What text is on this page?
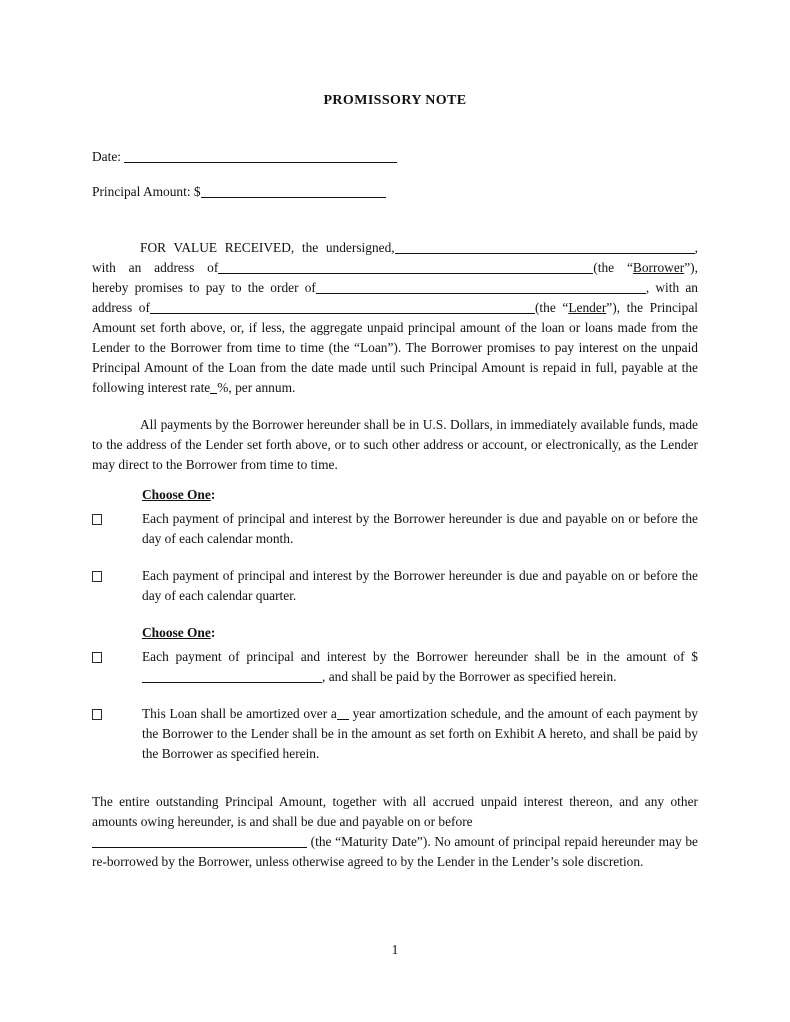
PROMISSORY NOTE
Date:
Principal Amount: $
FOR VALUE RECEIVED, the undersigned,	, with an address of	(the “Borrower”), hereby promises to pay to the order of	, with an address of	(the “Lender”), the Principal Amount set forth above, or, if less, the aggregate unpaid principal amount of the loan or loans made from the Lender to the Borrower from time to time (the “Loan”). The Borrower promises to pay interest on the unpaid Principal Amount of the Loan from the date made until such Principal Amount is repaid in full, payable at the following interest rate %, per annum.
All payments by the Borrower hereunder shall be in U.S. Dollars, in immediately available funds, made to the address of the Lender set forth above, or to such other address or account, or electronically, as the Lender may direct to the Borrower from time to time.
Choose One:
Each payment of principal and interest by the Borrower hereunder is due and payable on or before the day of each calendar month.
Each payment of principal and interest by the Borrower hereunder is due and payable on or before the day of each calendar quarter.
Choose One:
Each payment of principal and interest by the Borrower hereunder shall be in the amount of $, and shall be paid by the Borrower as specified herein.
This Loan shall be amortized over a year amortization schedule, and the amount of each payment by the Borrower to the Lender shall be in the amount as set forth on Exhibit A hereto, and shall be paid by the Borrower as specified herein.
The entire outstanding Principal Amount, together with all accrued unpaid interest thereon, and any other amounts owing hereunder, is and shall be due and payable on or before
(the “Maturity Date”). No amount of principal repaid hereunder may be re-borrowed by the Borrower, unless otherwise agreed to by the Lender in the Lender’s sole discretion.
1
